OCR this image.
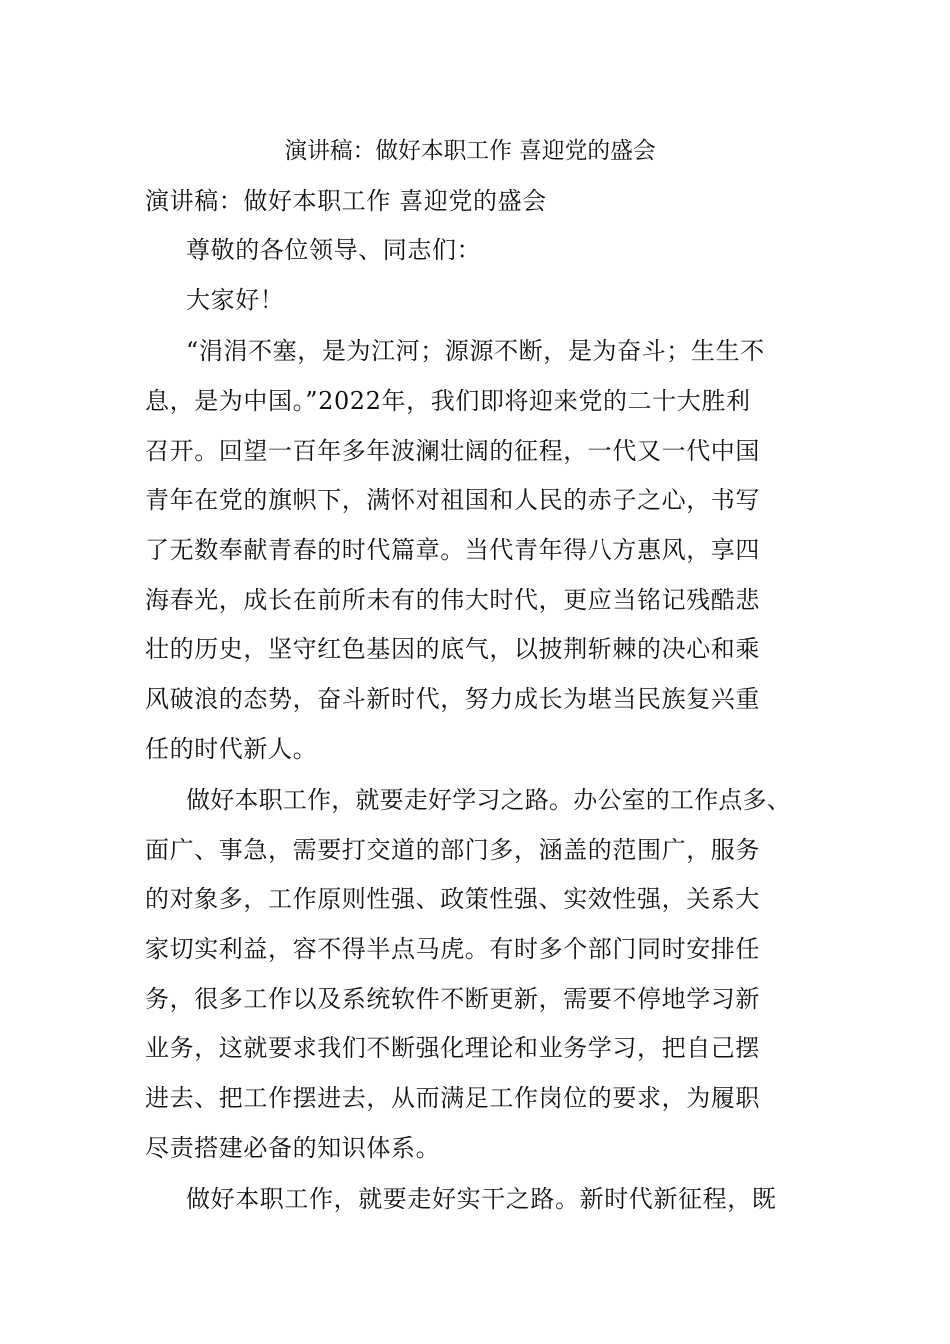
演讲稿：做好本职工作 喜迎党的盛会
演讲稿：做好本职工作 喜迎党的盛会
尊敬的各位领导、同志们：
大家好！
“涓涓不塞，是为江河；源源不断，是为奋斗；生生不
息，是为中国。”2022年，我们即将迎来党的二十大胜利
召开。回望一百年多年波澜壮阔的征程，一代又一代中国
青年在党的旗帜下，满怀对祖国和人民的赤子之心，书写
了无数奉献青春的时代篇章。当代青年得八方惠风，享四
海春光，成长在前所未有的伟大时代，更应当铭记残酷悲
壮的历史，坚守红色基因的底气，以披荆斩棘的决心和乘
风破浪的态势，奋斗新时代，努力成长为堪当民族复兴重
任的时代新人。
做好本职工作，就要走好学习之路。办公室的工作点多、
面广、事急，需要打交道的部门多，涵盖的范围广，服务
的对象多，工作原则性强、政策性强、实效性强，关系大
家切实利益，容不得半点马虎。有时多个部门同时安排任
务，很多工作以及系统软件不断更新，需要不停地学习新
业务，这就要求我们不断强化理论和业务学习，把自己摆
进去、把工作摆进去，从而满足工作岗位的要求，为履职
尽责搭建必备的知识体系。
做好本职工作，就要走好实干之路。新时代新征程，既
